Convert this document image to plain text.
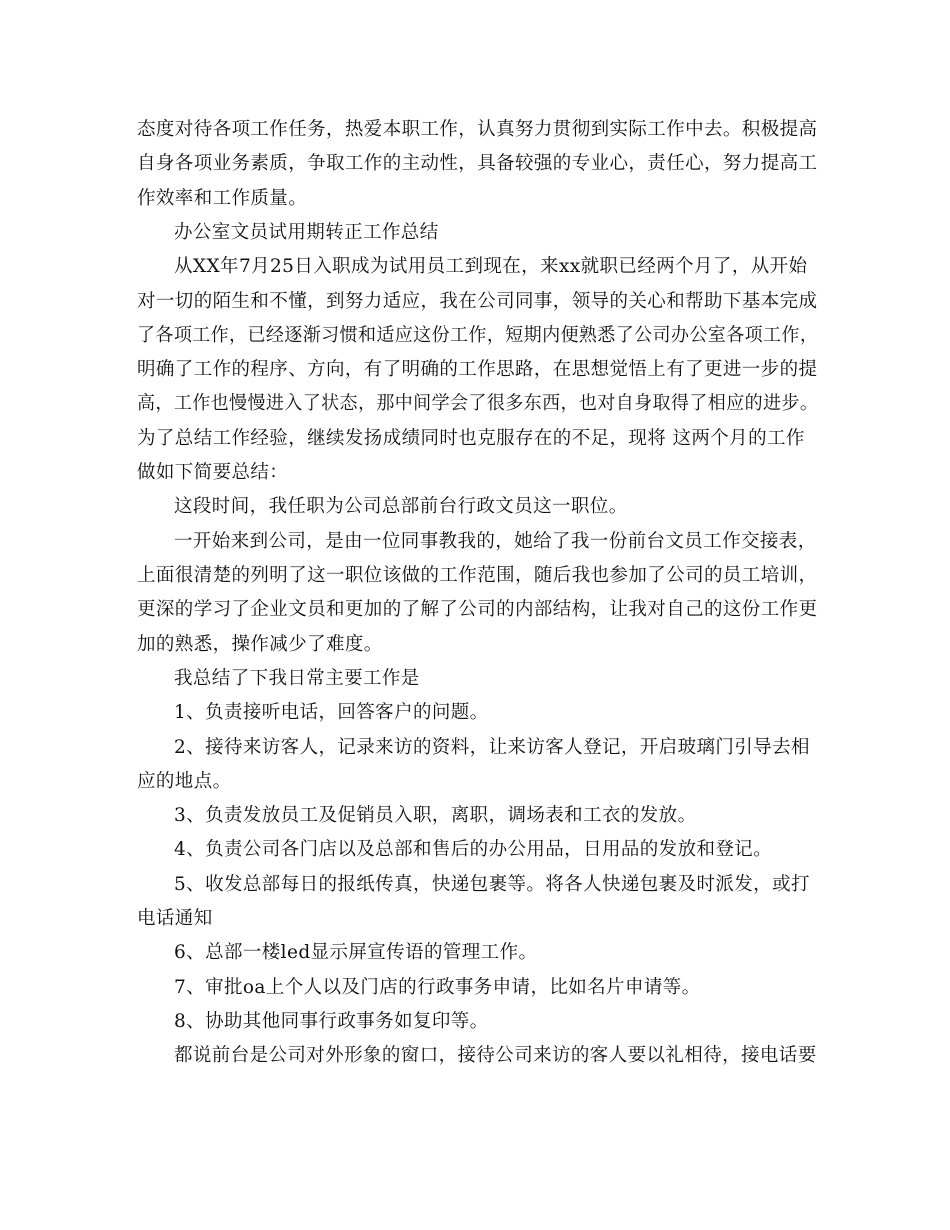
态度对待各项工作任务，热爱本职工作，认真努力贯彻到实际工作中去。积极提高
自身各项业务素质，争取工作的主动性，具备较强的专业心，责任心，努力提高工
作效率和工作质量。
办公室文员试用期转正工作总结
从XX年7月25日入职成为试用员工到现在，来xx就职已经两个月了，从开始
对一切的陌生和不懂，到努力适应，我在公司同事，领导的关心和帮助下基本完成
了各项工作，已经逐渐习惯和适应这份工作，短期内便熟悉了公司办公室各项工作，
明确了工作的程序、方向，有了明确的工作思路，在思想觉悟上有了更进一步的提
高，工作也慢慢进入了状态，那中间学会了很多东西，也对自身取得了相应的进步。
为了总结工作经验，继续发扬成绩同时也克服存在的不足，现将 这两个月的工作
做如下简要总结：
这段时间，我任职为公司总部前台行政文员这一职位。
一开始来到公司，是由一位同事教我的，她给了我一份前台文员工作交接表，
上面很清楚的列明了这一职位该做的工作范围，随后我也参加了公司的员工培训，
更深的学习了企业文员和更加的了解了公司的内部结构，让我对自己的这份工作更
加的熟悉，操作减少了难度。
我总结了下我日常主要工作是
1、负责接听电话，回答客户的问题。
2、接待来访客人，记录来访的资料，让来访客人登记，开启玻璃门引导去相
应的地点。
3、负责发放员工及促销员入职，离职，调场表和工衣的发放。
4、负责公司各门店以及总部和售后的办公用品，日用品的发放和登记。
5、收发总部每日的报纸传真，快递包裹等。将各人快递包裹及时派发，或打
电话通知
6、总部一楼led显示屏宣传语的管理工作。
7、审批oa上个人以及门店的行政事务申请，比如名片申请等。
8、协助其他同事行政事务如复印等。
都说前台是公司对外形象的窗口，接待公司来访的客人要以礼相待，接电话要
